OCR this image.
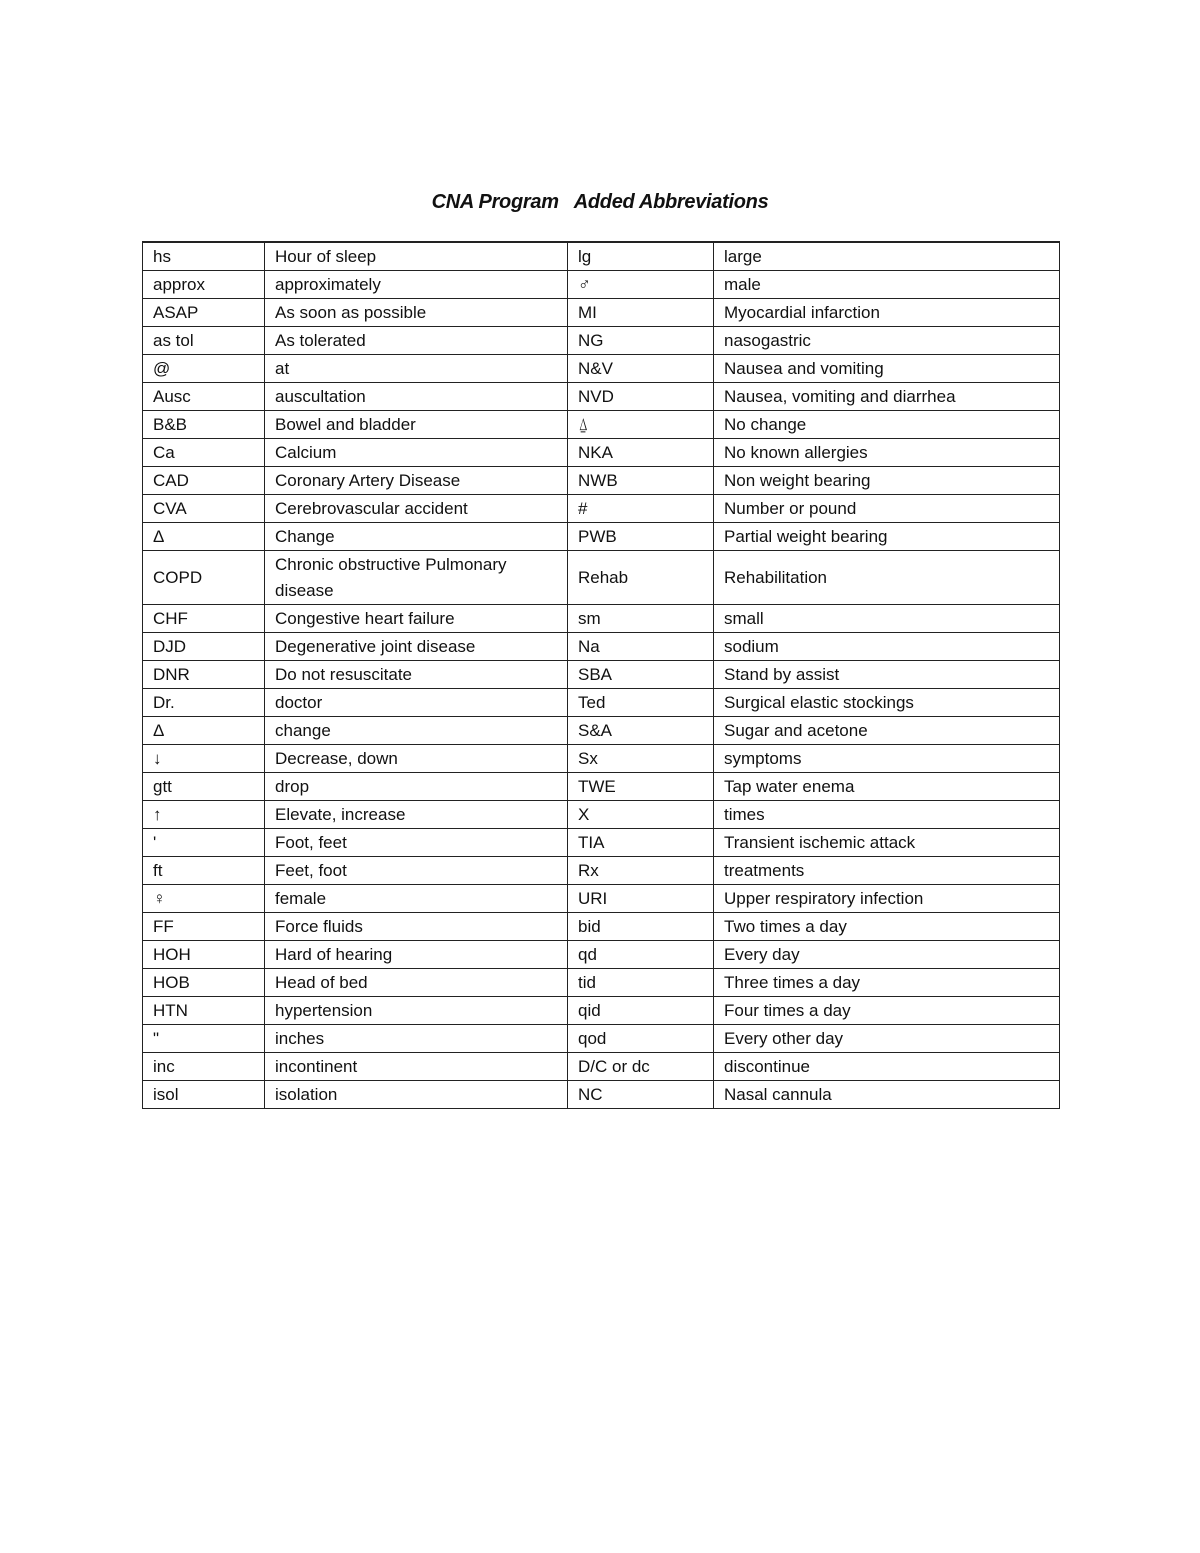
CNA Program   Added Abbreviations
hs	Hour of sleep	lg	large
approx	approximately	♂	male
ASAP	As soon as possible	MI	Myocardial infarction
as tol	As tolerated	NG	nasogastric
@	at	N&V	Nausea and vomiting
Ausc	auscultation	NVD	Nausea, vomiting and diarrhea
B&B	Bowel and bladder	⍙	No change
Ca	Calcium	NKA	No known allergies
CAD	Coronary Artery Disease	NWB	Non weight bearing
CVA	Cerebrovascular accident	#	Number or pound
Δ	Change	PWB	Partial weight bearing
COPD	Chronic obstructive Pulmonary disease	Rehab	Rehabilitation
CHF	Congestive heart failure	sm	small
DJD	Degenerative joint disease	Na	sodium
DNR	Do not resuscitate	SBA	Stand by assist
Dr.	doctor	Ted	Surgical elastic stockings
Δ	change	S&A	Sugar and acetone
↓	Decrease, down	Sx	symptoms
gtt	drop	TWE	Tap water enema
↑	Elevate, increase	X	times
'	Foot, feet	TIA	Transient ischemic attack
ft	Feet, foot	Rx	treatments
♀	female	URI	Upper respiratory infection
FF	Force fluids	bid	Two times a day
HOH	Hard of hearing	qd	Every day
HOB	Head of bed	tid	Three times a day
HTN	hypertension	qid	Four times a day
"	inches	qod	Every other day
inc	incontinent	D/C or dc	discontinue
isol	isolation	NC	Nasal cannula
